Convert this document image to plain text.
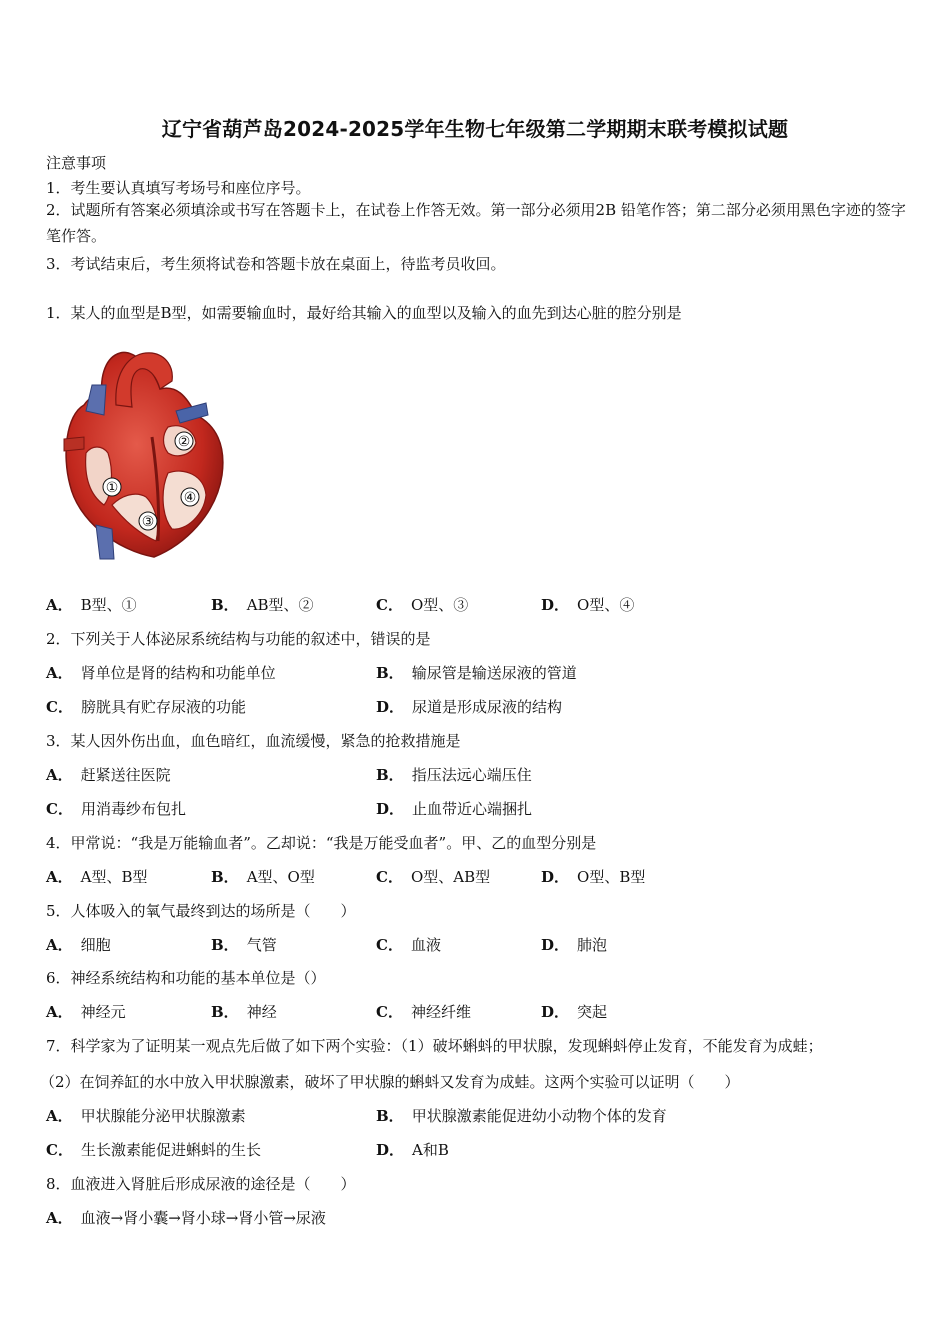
辽宁省葫芦岛2024-2025学年生物七年级第二学期期末联考模拟试题
注意事项
1．考生要认真填写考场号和座位序号。
2．试题所有答案必须填涂或书写在答题卡上，在试卷上作答无效。第一部分必须用2B 铅笔作答；第二部分必须用黑色字迹的签字笔作答。
3．考试结束后，考生须将试卷和答题卡放在桌面上，待监考员收回。
1．某人的血型是B型，如需要输血时，最好给其输入的血型以及输入的血先到达心脏的腔分别是
①
②
③
④
A． B型、①	B． AB型、②	C． O型、③	D． O型、④
2．下列关于人体泌尿系统结构与功能的叙述中，错误的是
A． 肾单位是肾的结构和功能单位	B． 输尿管是输送尿液的管道
C． 膀胱具有贮存尿液的功能	D． 尿道是形成尿液的结构
3．某人因外伤出血，血色暗红，血流缓慢，紧急的抢救措施是
A． 赶紧送往医院	B． 指压法远心端压住
C． 用消毒纱布包扎	D． 止血带近心端捆扎
4．甲常说：“我是万能输血者”。乙却说：“我是万能受血者”。甲、乙的血型分别是
A． A型、B型	B． A型、O型	C． O型、AB型	D． O型、B型
5．人体吸入的氧气最终到达的场所是（　　）
A． 细胞	B． 气管	C． 血液	D． 肺泡
6．神经系统结构和功能的基本单位是（）
A． 神经元	B． 神经	C． 神经纤维	D． 突起
7．科学家为了证明某一观点先后做了如下两个实验：（1）破坏蝌蚪的甲状腺，发现蝌蚪停止发育，不能发育为成蛙；
（2）在饲养缸的水中放入甲状腺激素，破坏了甲状腺的蝌蚪又发育为成蛙。这两个实验可以证明（　　）
A． 甲状腺能分泌甲状腺激素	B． 甲状腺激素能促进幼小动物个体的发育
C． 生长激素能促进蝌蚪的生长	D． A和B
8．血液进入肾脏后形成尿液的途径是（　　）
A． 血液→肾小囊→肾小球→肾小管→尿液
